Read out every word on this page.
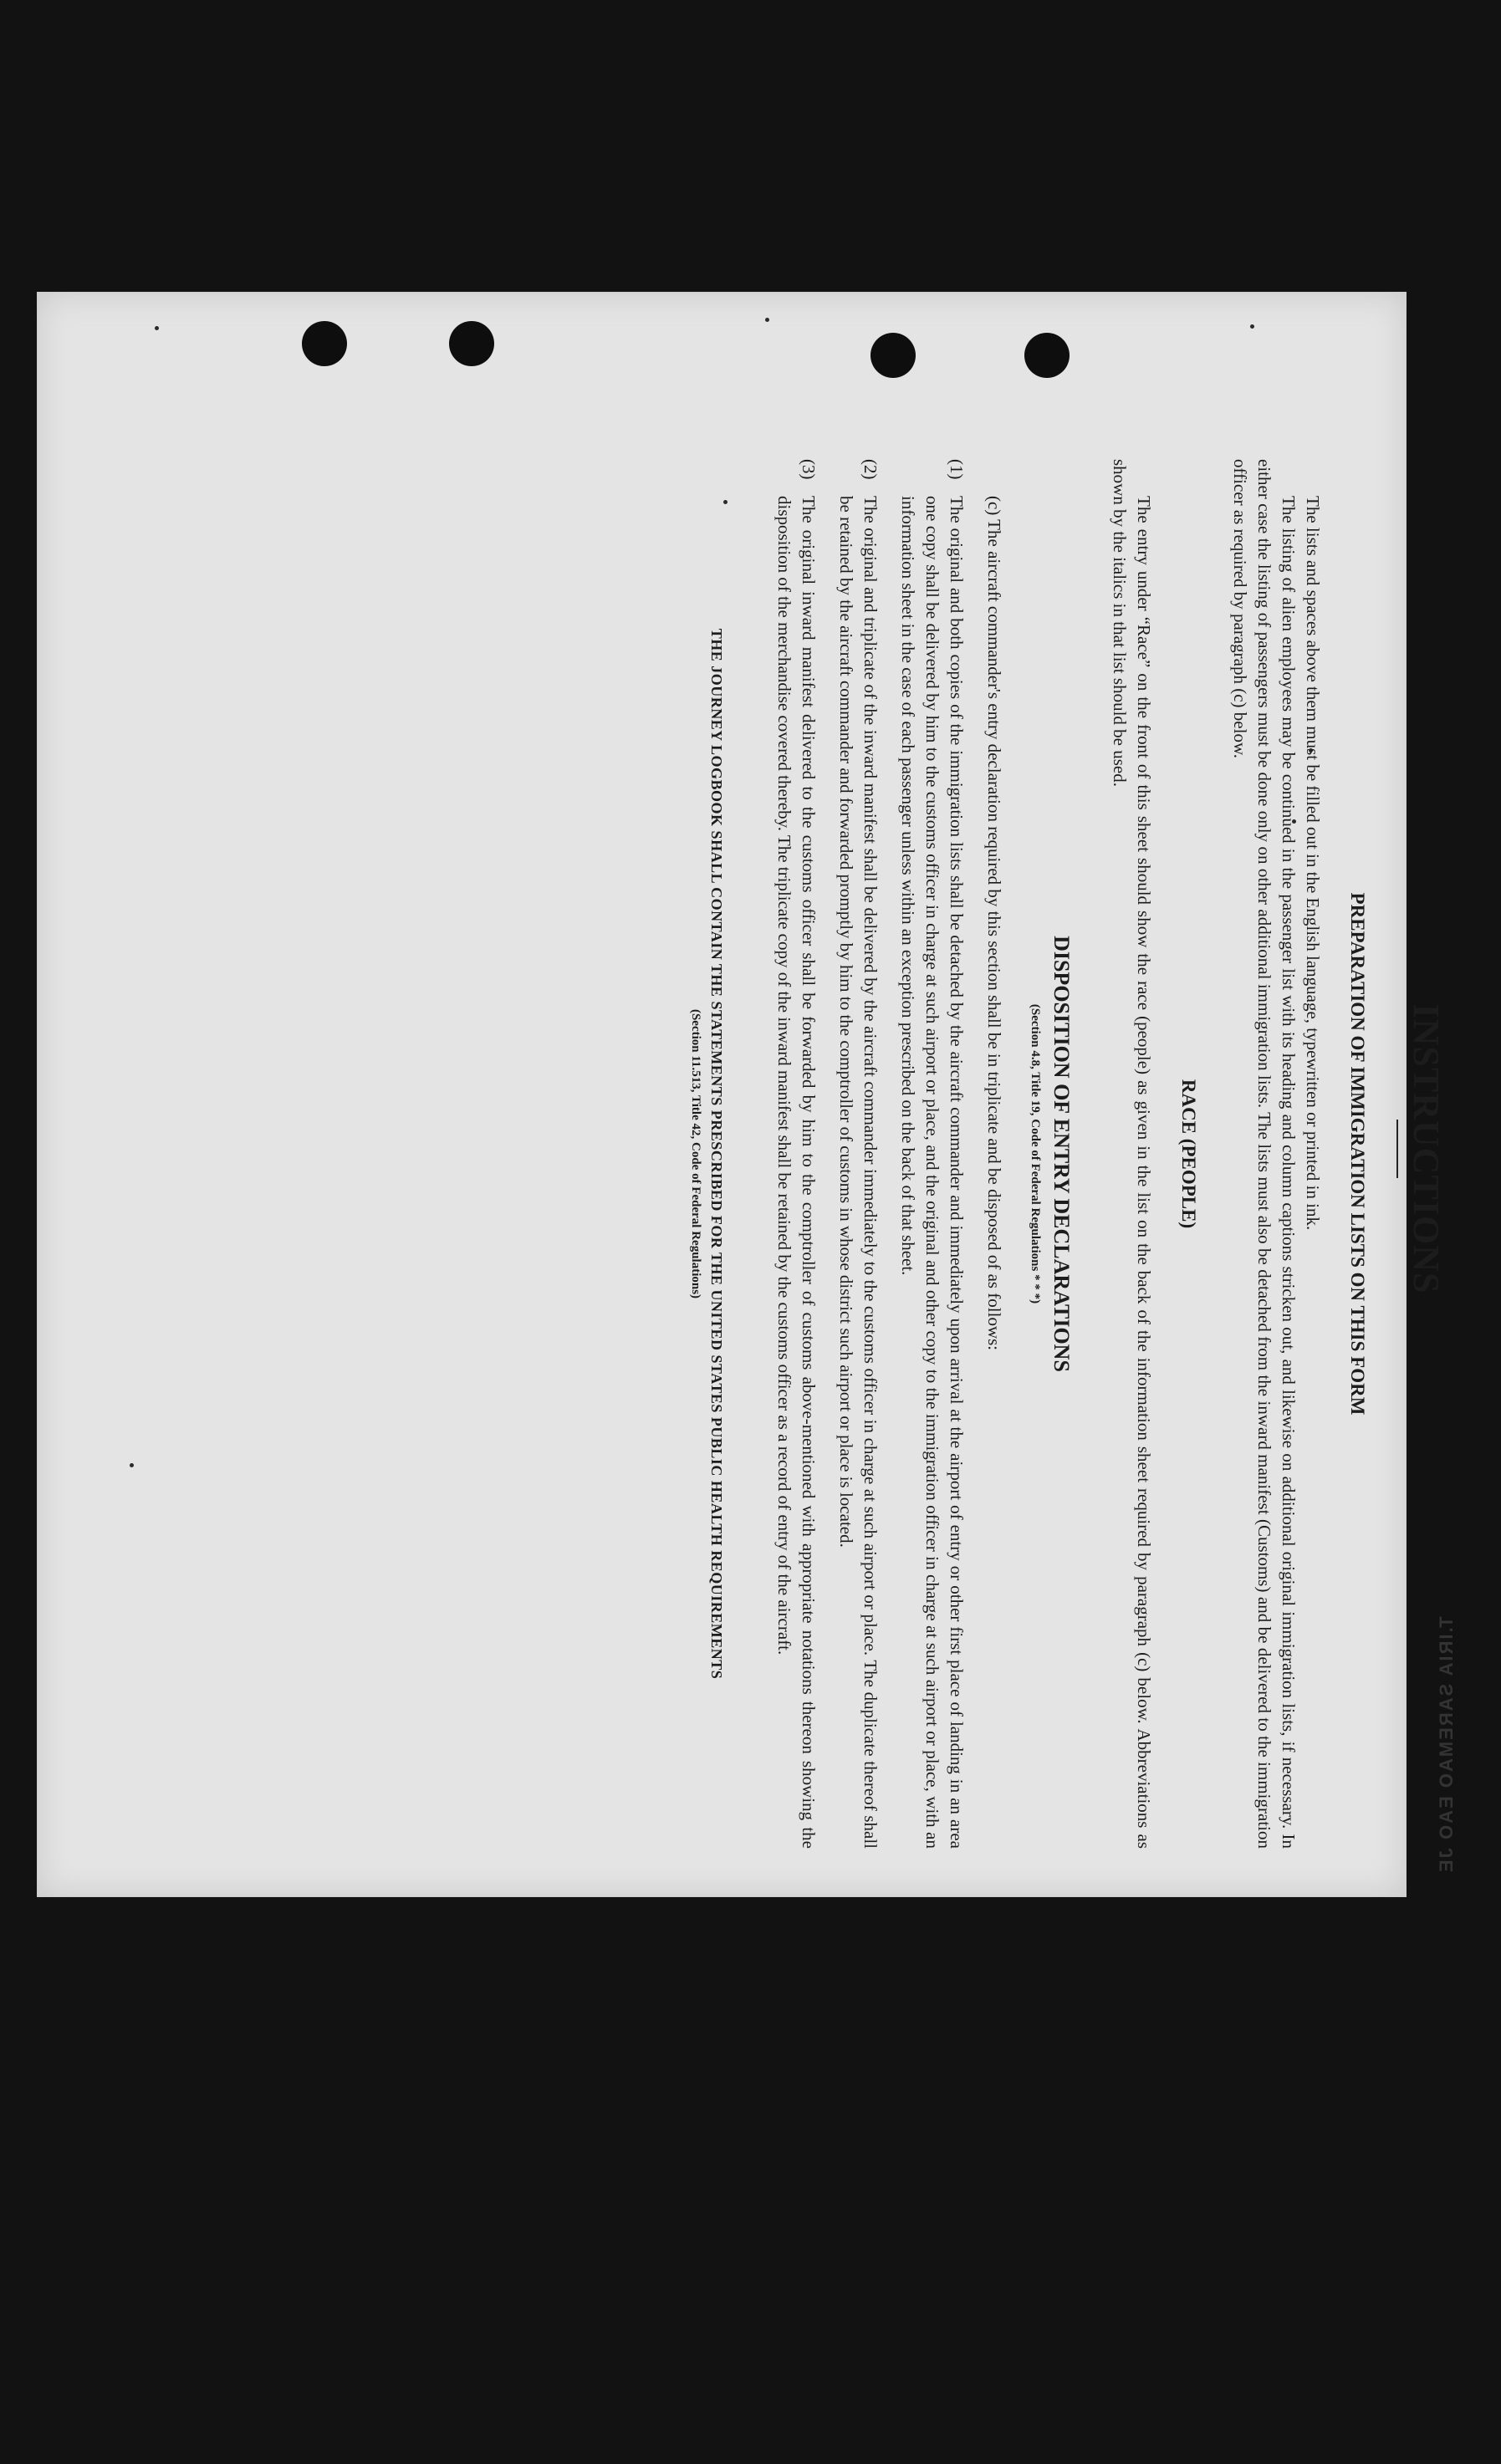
T.IRIA SAREMAO EAO JE
INSTRUCTIONS
PREPARATION OF IMMIGRATION LISTS ON THIS FORM

The lists and spaces above them must be filled out in the English language, typewritten or printed in ink.

The listing of alien employees may be continued in the passenger list with its heading and column captions stricken out, and likewise on additional original immigration lists, if necessary. In either case the listing of passengers must be done only on other additional immigration lists. The lists must also be detached from the inward manifest (Customs) and be delivered to the immigration officer as required by paragraph (c) below.

RACE (PEOPLE)

The entry under “Race” on the front of this sheet should show the race (people) as given in the list on the back of the information sheet required by paragraph (c) below. Abbreviations as shown by the italics in that list should be used.

DISPOSITION OF ENTRY DECLARATIONS
(Section 4.8, Title 19, Code of Federal Regulations * * *)

(c) The aircraft commander's entry declaration required by this section shall be in triplicate and be disposed of as follows:

(1)

The original and both copies of the immigration lists shall be detached by the aircraft commander and immediately upon arrival at the airport of entry or other first place of landing in an area one copy shall be delivered by him to the customs officer in charge at such airport or place, and the original and other copy to the immigration officer in charge at such airport or place, with an information sheet in the case of each passenger unless within an exception prescribed on the back of that sheet.

(2)

The original and triplicate of the inward manifest shall be delivered by the aircraft commander immediately to the customs officer in charge at such airport or place. The duplicate thereof shall be retained by the aircraft commander and forwarded promptly by him to the comptroller of customs in whose district such airport or place is located.

(3)

The original inward manifest delivered to the customs officer shall be forwarded by him to the comptroller of customs above-mentioned with appropriate notations thereon showing the disposition of the merchandise covered thereby. The triplicate copy of the inward manifest shall be retained by the customs officer as a record of entry of the aircraft.

THE JOURNEY LOGBOOK SHALL CONTAIN THE STATEMENTS PRESCRIBED FOR THE UNITED STATES PUBLIC HEALTH REQUIREMENTS
(Section 11.513, Title 42, Code of Federal Regulations)
